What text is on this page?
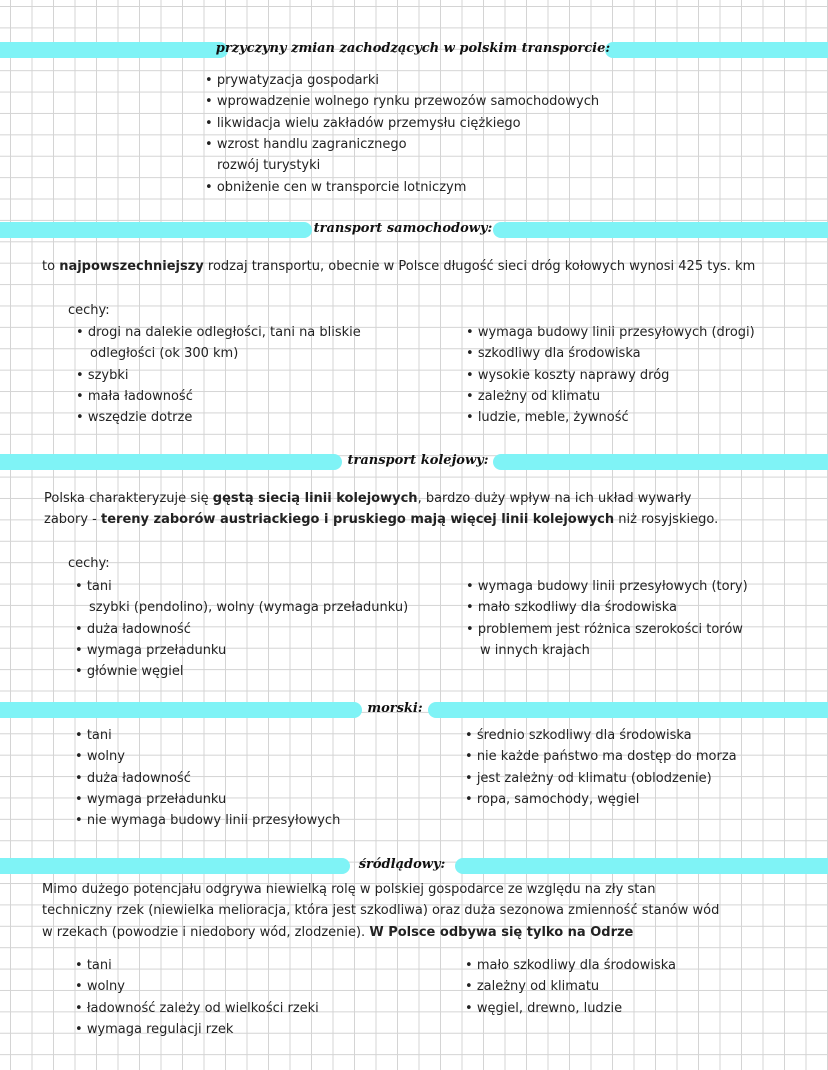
przyczyny zmian zachodzących w polskim transporcie:
• prywatyzacja gospodarki
• wprowadzenie wolnego rynku przewozów samochodowych
• likwidacja wielu zakładów przemysłu ciężkiego
• wzrost handlu zagranicznego
rozwój turystyki
• obniżenie cen w transporcie lotniczym
transport samochodowy:
to najpowszechniejszy rodzaj transportu, obecnie w Polsce długość sieci dróg kołowych wynosi 425 tys. km
cechy:
• drogi na dalekie odległości, tani na bliskie
odległości (ok 300 km)
• szybki
• mała ładowność
• wszędzie dotrze
• wymaga budowy linii przesyłowych (drogi)
• szkodliwy dla środowiska
• wysokie koszty naprawy dróg
• zależny od klimatu
• ludzie, meble, żywność
transport kolejowy:
Polska charakteryzuje się gęstą siecią linii kolejowych, bardzo duży wpływ na ich układ wywarły
zabory - tereny zaborów austriackiego i pruskiego mają więcej linii kolejowych niż rosyjskiego.
cechy:
• tani
szybki (pendolino), wolny (wymaga przeładunku)
• duża ładowność
• wymaga przeładunku
• głównie węgiel
• wymaga budowy linii przesyłowych (tory)
• mało szkodliwy dla środowiska
• problemem jest różnica szerokości torów
w innych krajach
morski:
• tani
• wolny
• duża ładowność
• wymaga przeładunku
• nie wymaga budowy linii przesyłowych
• średnio szkodliwy dla środowiska
• nie każde państwo ma dostęp do morza
• jest zależny od klimatu (oblodzenie)
• ropa, samochody, węgiel
śródlądowy:
Mimo dużego potencjału odgrywa niewielką rolę w polskiej gospodarce ze względu na zły stan
techniczny rzek (niewielka melioracja, która jest szkodliwa) oraz duża sezonowa zmienność stanów wód
w rzekach (powodzie i niedobory wód, zlodzenie). W Polsce odbywa się tylko na Odrze
• tani
• wolny
• ładowność zależy od wielkości rzeki
• wymaga regulacji rzek
• mało szkodliwy dla środowiska
• zależny od klimatu
• węgiel, drewno, ludzie
